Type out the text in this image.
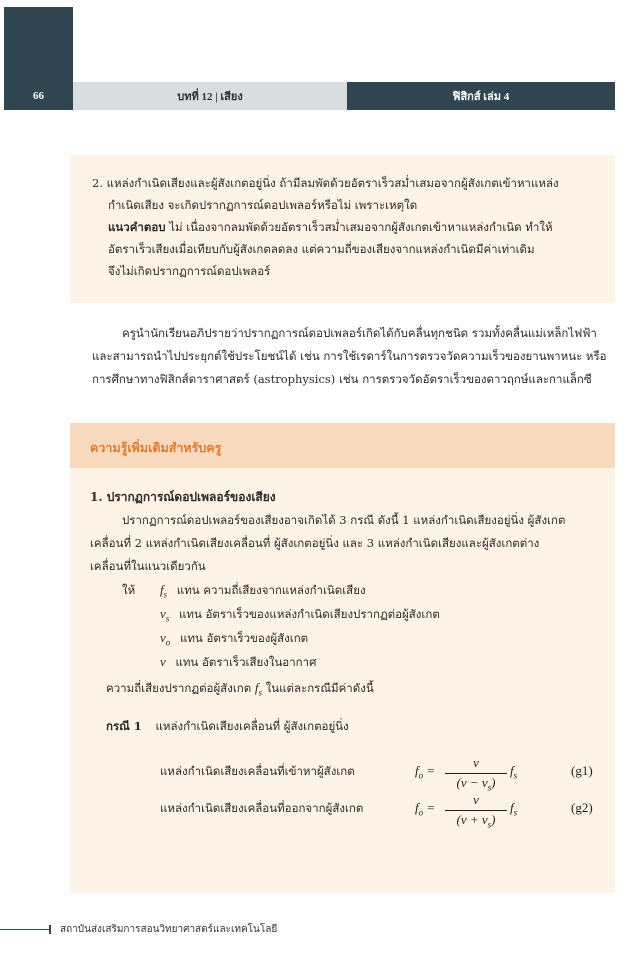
66	บทที่ 12 | เสียง	ฟิสิกส์ เล่ม 4
2. แหล่งกำเนิดเสียงและผู้สังเกตอยู่นิ่ง ถ้ามีลมพัดด้วยอัตราเร็วสม่ำเสมอจากผู้สังเกตเข้าหาแหล่ง
กำเนิดเสียง จะเกิดปรากฏการณ์ดอปเพลอร์หรือไม่ เพราะเหตุใด
แนวคำตอบ ไม่ เนื่องจากลมพัดด้วยอัตราเร็วสม่ำเสมอจากผู้สังเกตเข้าหาแหล่งกำเนิด ทำให้
อัตราเร็วเสียงเมื่อเทียบกับผู้สังเกตลดลง แต่ความถี่ของเสียงจากแหล่งกำเนิดมีค่าเท่าเดิม
จึงไม่เกิดปรากฏการณ์ดอปเพลอร์
ครูนำนักเรียนอภิปรายว่าปรากฏการณ์ดอปเพลอร์เกิดได้กับคลื่นทุกชนิด รวมทั้งคลื่นแม่เหล็กไฟฟ้า
และสามารถนำไปประยุกต์ใช้ประโยชน์ได้ เช่น การใช้เรดาร์ในการตรวจวัดความเร็วของยานพาหนะ หรือ
การศึกษาทางฟิสิกส์ดาราศาสตร์ (astrophysics) เช่น การตรวจวัดอัตราเร็วของดาวฤกษ์และกาแล็กซี
ความรู้เพิ่มเติมสำหรับครู
1. ปรากฏการณ์ดอปเพลอร์ของเสียง
ปรากฏการณ์ดอปเพลอร์ของเสียงอาจเกิดได้ 3 กรณี ดังนี้ 1 แหล่งกำเนิดเสียงอยู่นิ่ง ผู้สังเกต
เคลื่อนที่ 2 แหล่งกำเนิดเสียงเคลื่อนที่ ผู้สังเกตอยู่นิ่ง และ 3 แหล่งกำเนิดเสียงและผู้สังเกตต่าง
เคลื่อนที่ในแนวเดียวกัน
ให้ $f_s$ แทน ความถี่เสียงจากแหล่งกำเนิดเสียง
$v_s$ แทน อัตราเร็วของแหล่งกำเนิดเสียงปรากฏต่อผู้สังเกต
$v_o$ แทน อัตราเร็วของผู้สังเกต
v แทน อัตราเร็วเสียงในอากาศ
ความถี่เสียงปรากฏต่อผู้สังเกต $f_s$ ในแต่ละกรณีมีค่าดังนี้
กรณี 1 แหล่งกำเนิดเสียงเคลื่อนที่ ผู้สังเกตอยู่นิ่ง
แหล่งกำเนิดเสียงเคลื่อนที่เข้าหาผู้สังเกต	$f_o$ =
v
$(v - v_s)$
$f_s$	(g1)
แหล่งกำเนิดเสียงเคลื่อนที่ออกจากผู้สังเกต	$f_o$ =
v
$(v + v_s)$
$f_s$	(g2)
สถาบันส่งเสริมการสอนวิทยาศาสตร์และเทคโนโลยี
